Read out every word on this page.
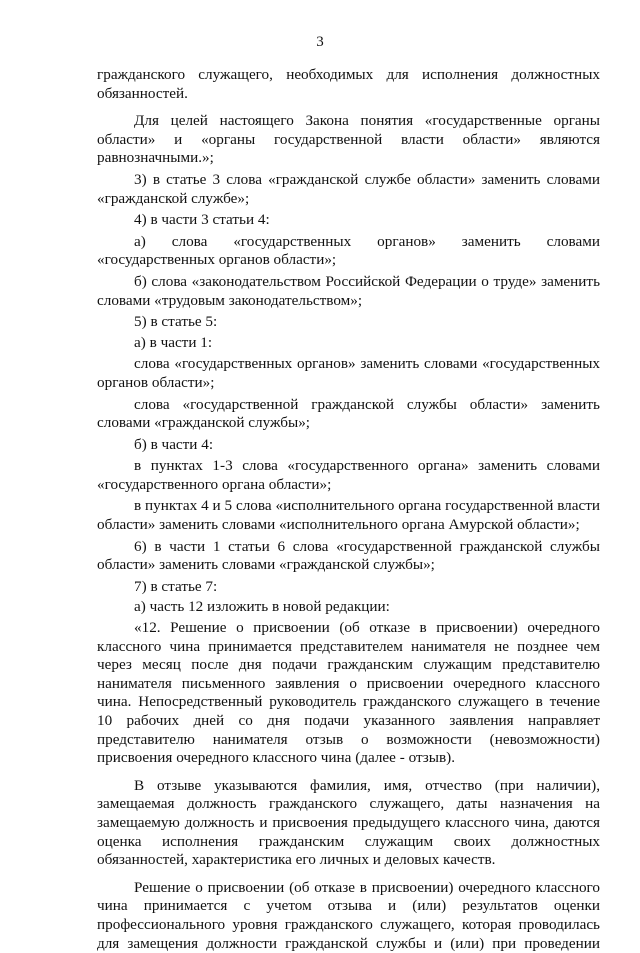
3

гражданского служащего, необходимых для исполнения должностных обязанностей.

Для целей настоящего Закона понятия «государственные органы области» и «органы государственной власти области» являются равнозначными.»;

3) в статье 3 слова «гражданской службе области» заменить словами «гражданской службе»;

4) в части 3 статьи 4:

а) слова «государственных органов» заменить словами «государственных органов области»;

б) слова «законодательством Российской Федерации о труде» заменить словами «трудовым законодательством»;

5) в статье 5:

а) в части 1:

слова «государственных органов» заменить словами «государственных органов области»;

слова «государственной гражданской службы области» заменить словами «гражданской службы»;

б) в части 4:

в пунктах 1-3 слова «государственного органа» заменить словами «государственного органа области»;

в пунктах 4 и 5 слова «исполнительного органа государственной власти области» заменить словами «исполнительного органа Амурской области»;

6) в части 1 статьи 6 слова «государственной гражданской службы области» заменить словами «гражданской службы»;

7) в статье 7:

а) часть 12 изложить в новой редакции:

«12. Решение о присвоении (об отказе в присвоении) очередного классного чина принимается представителем нанимателя не позднее чем через месяц после дня подачи гражданским служащим представителю нанимателя письменного заявления о присвоении очередного классного чина. Непосредственный руководитель гражданского служащего в течение 10 рабочих дней со дня подачи указанного заявления направляет представителю нанимателя отзыв о возможности (невозможности) присвоения очередного классного чина (далее - отзыв).

В отзыве указываются фамилия, имя, отчество (при наличии), замещаемая должность гражданского служащего, даты назначения на замещаемую должность и присвоения предыдущего классного чина, даются оценка исполнения гражданским служащим своих должностных обязанностей, характеристика его личных и деловых качеств.

Решение о присвоении (об отказе в присвоении) очередного классного чина принимается с учетом отзыва и (или) результатов оценки профессионального уровня гражданского служащего, которая проводилась для замещения должности гражданской службы и (или) при проведении
